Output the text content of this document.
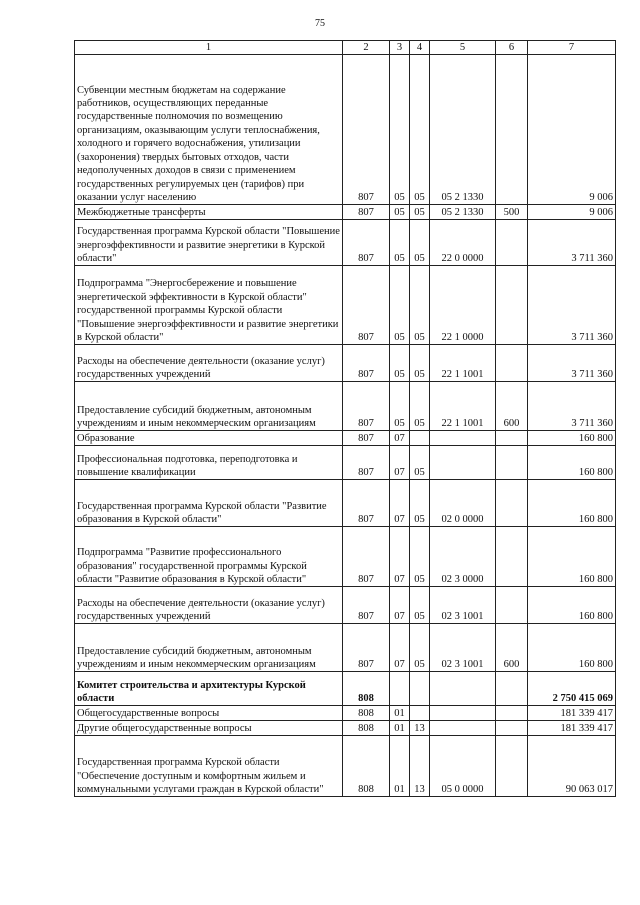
75
1	2	3	4	5	6	7
Субвенции местным бюджетам на содержание работников, осуществляющих переданные государственные полномочия по возмещению организациям, оказывающим услуги теплоснабжения, холодного и горячего водоснабжения, утилизации (захоронения) твердых бытовых отходов, части недополученных доходов в связи с применением государственных регулируемых цен (тарифов) при оказании услуг населению	807	05	05	05 2 1330		9 006
Межбюджетные трансферты	807	05	05	05 2 1330	500	9 006
Государственная программа Курской области "Повышение энергоэффективности и развитие энергетики в Курской области"	807	05	05	22 0 0000		3 711 360
Подпрограмма "Энергосбережение и повышение энергетической эффективности в Курской области" государственной программы Курской области "Повышение энергоэффективности и развитие энергетики в Курской области"	807	05	05	22 1 0000		3 711 360
Расходы на обеспечение деятельности (оказание услуг) государственных учреждений	807	05	05	22 1 1001		3 711 360
Предоставление субсидий бюджетным, автономным учреждениям и иным некоммерческим организациям	807	05	05	22 1 1001	600	3 711 360
Образование	807	07				160 800
Профессиональная подготовка, переподготовка и повышение квалификации	807	07	05			160 800
Государственная программа Курской области "Развитие образования в Курской области"	807	07	05	02 0 0000		160 800
Подпрограмма "Развитие профессионального образования" государственной программы Курской области "Развитие образования в Курской области"	807	07	05	02 3 0000		160 800
Расходы на обеспечение деятельности (оказание услуг) государственных учреждений	807	07	05	02 3 1001		160 800
Предоставление субсидий бюджетным, автономным учреждениям и иным некоммерческим организациям	807	07	05	02 3 1001	600	160 800
Комитет строительства и архитектуры Курской области	808					2 750 415 069
Общегосударственные вопросы	808	01				181 339 417
Другие общегосударственные вопросы	808	01	13			181 339 417
Государственная программа Курской области "Обеспечение доступным и комфортным жильем и коммунальными услугами граждан в Курской области"	808	01	13	05 0 0000		90 063 017
